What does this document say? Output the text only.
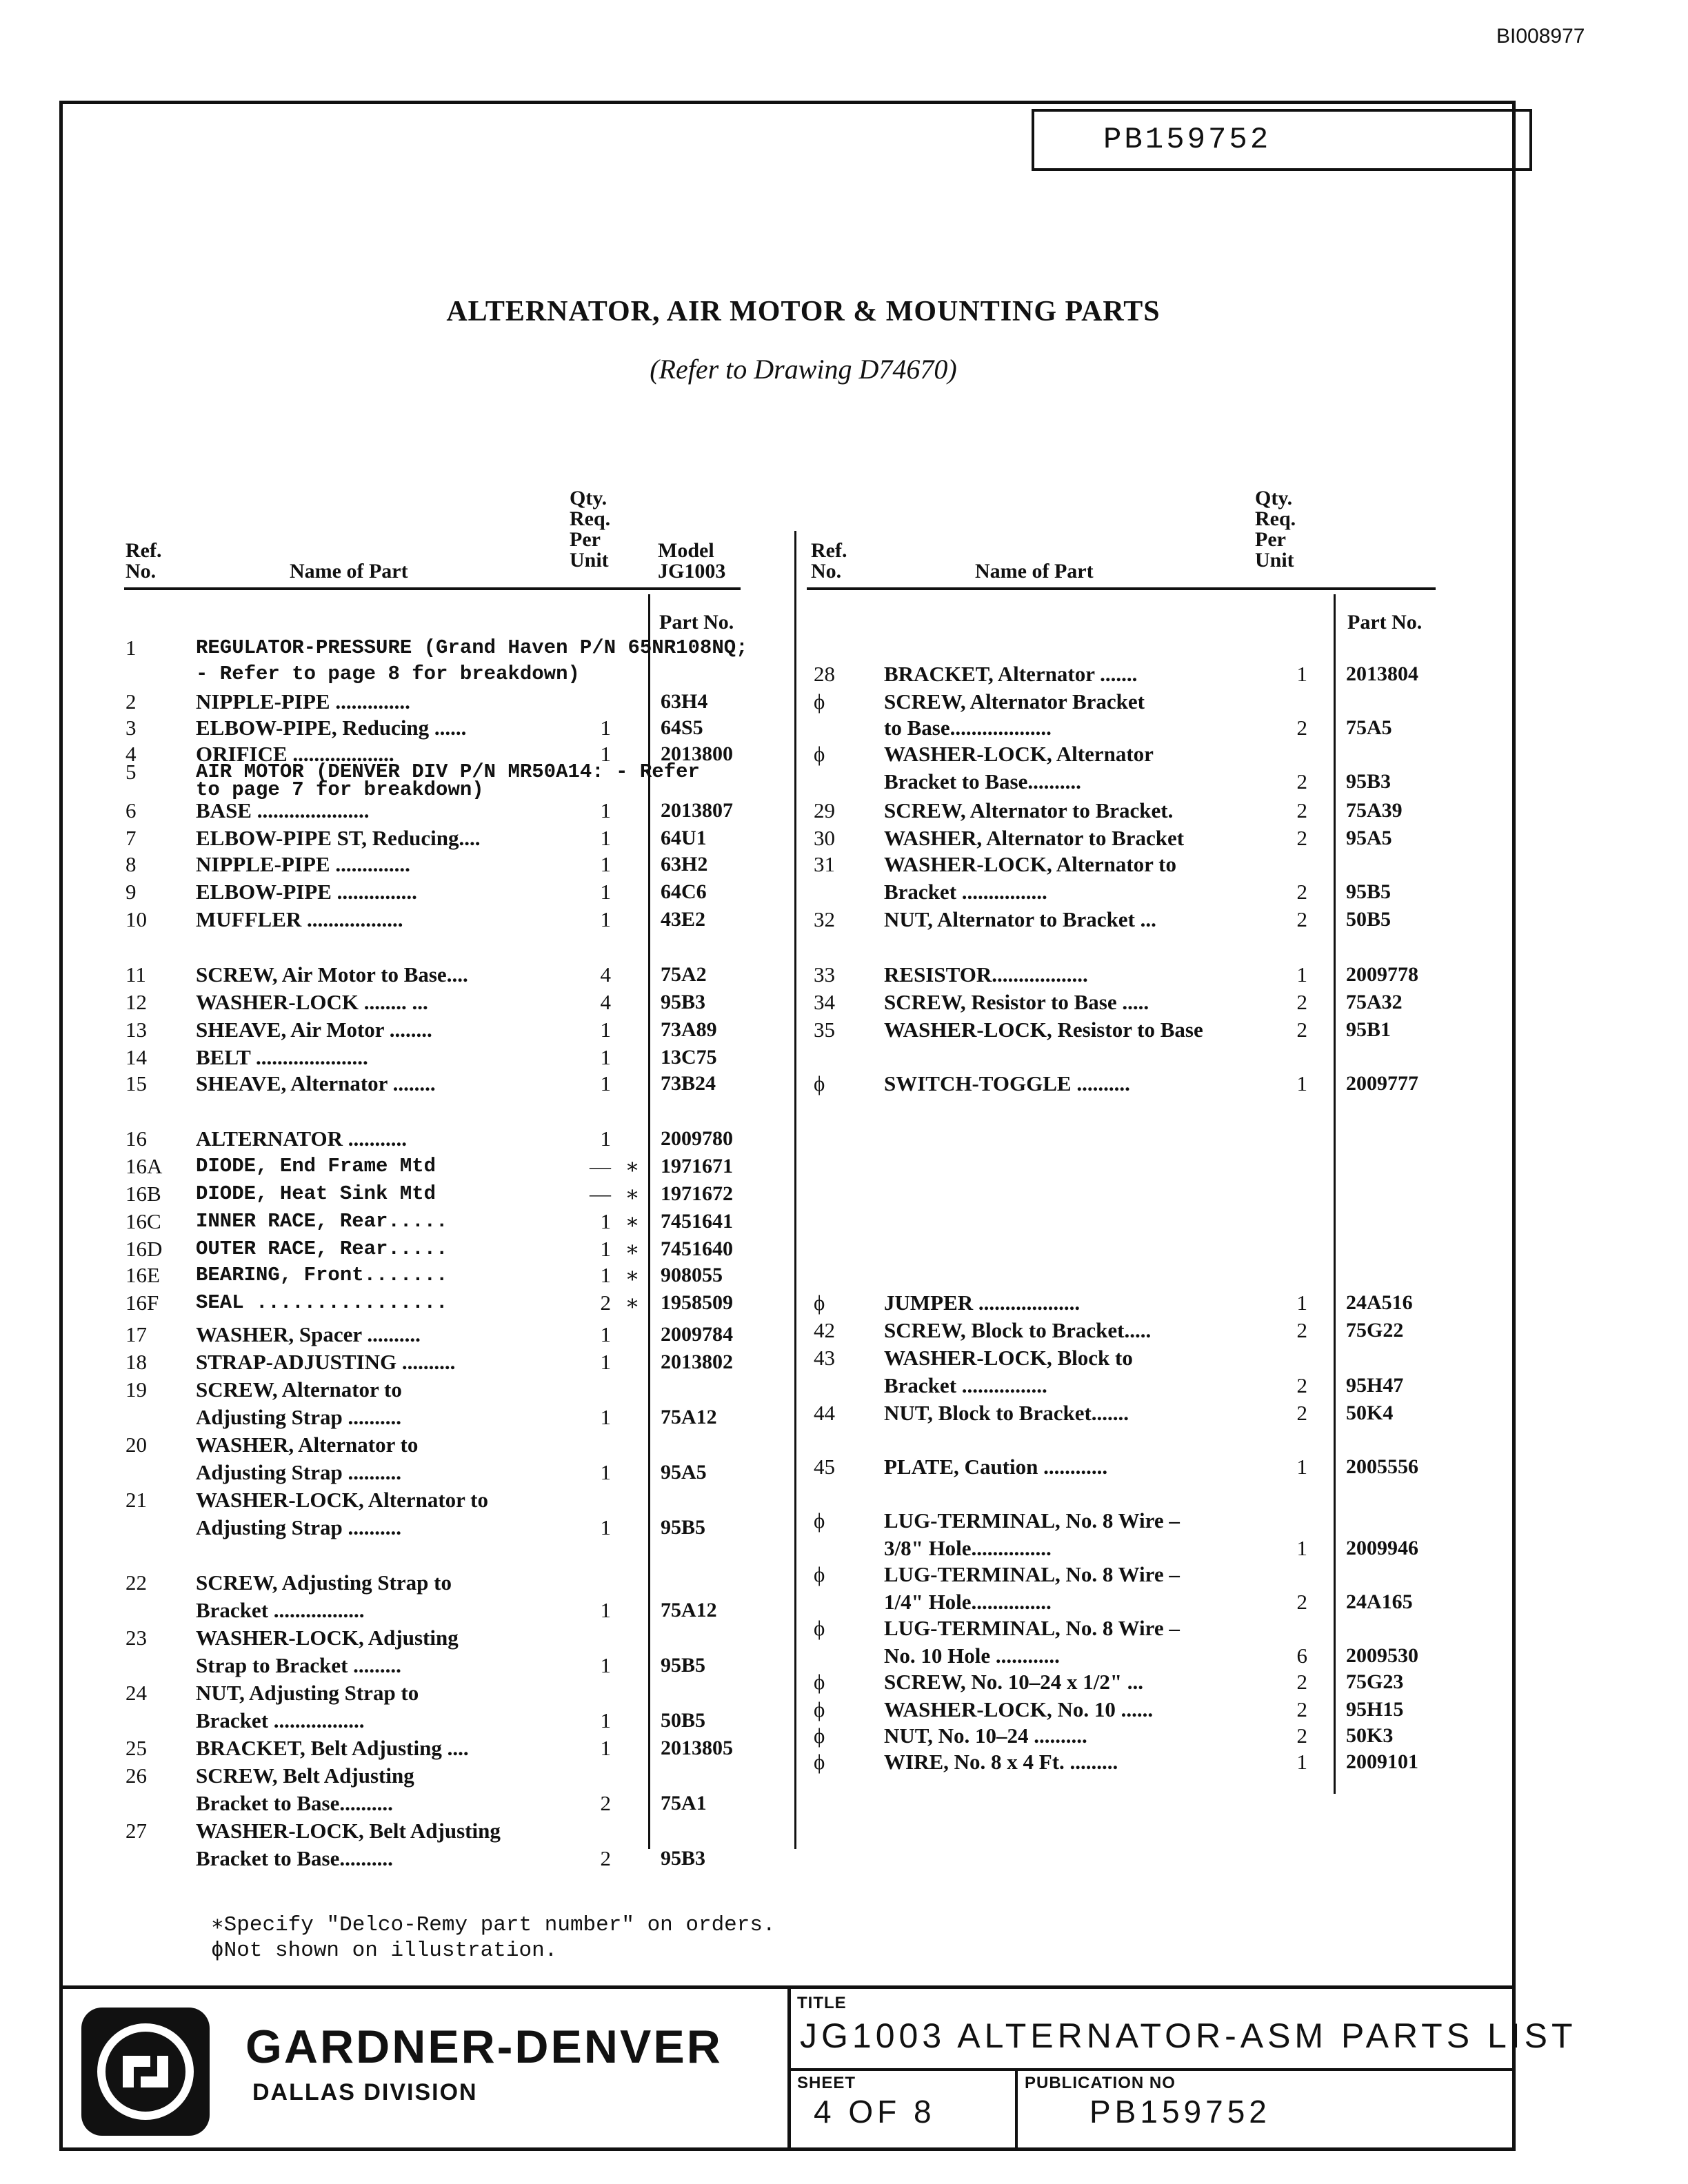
BI008977
PB159752
ALTERNATOR, AIR MOTOR & MOUNTING PARTS
(Refer to Drawing D74670)
Ref.
No.	Name of Part
Qty.
Req.
Per
Unit Model
JG1003
Part No.
Ref.
No.	Name of Part
Qty.
Req.
Per
Unit
Part No.
1	REGULATOR-PRESSURE (Grand Haven P/N 65NR108NQ;
- Refer to page 8 for breakdown)
2	NIPPLE-PIPE ..............	63H4
3	ELBOW-PIPE, Reducing ......	1 64S5
4	ORIFICE ...................	1 2013800
5	AIR MOTOR (DENVER DIV P/N MR50A14: - Refer
to page 7 for breakdown)
6	BASE .....................	1 2013807
7	ELBOW-PIPE ST, Reducing....	1 64U1
8	NIPPLE-PIPE ..............	1 63H2
9	ELBOW-PIPE ...............	1 64C6
10 MUFFLER ..................	1 43E2
11 SCREW, Air Motor to Base....	4 75A2
12 WASHER-LOCK ........ ...	4 95B3
13 SHEAVE, Air Motor ........	1 73A89
14 BELT .....................	1 13C75
15 SHEAVE, Alternator ........	1 73B24
16 ALTERNATOR ...........	1 2009780
16A DIODE, End Frame Mtd	— ∗ 1971671
16B DIODE, Heat Sink Mtd	— ∗ 1971672
16C INNER RACE, Rear.....	1 ∗ 7451641
16D OUTER RACE, Rear.....	1 ∗ 7451640
16E BEARING, Front.......	1 ∗ 908055
16F SEAL ................	2 ∗ 1958509
17 WASHER, Spacer ..........	1 2009784
18 STRAP-ADJUSTING ..........	1 2013802
19 SCREW, Alternator to
Adjusting Strap ..........	1 75A12
20 WASHER, Alternator to
Adjusting Strap ..........	1 95A5
21 WASHER-LOCK, Alternator to
Adjusting Strap ..........	1 95B5
22 SCREW, Adjusting Strap to
Bracket .................	1 75A12
23 WASHER-LOCK, Adjusting
Strap to Bracket .........	1 95B5
24 NUT, Adjusting Strap to
Bracket .................	1 50B5
25 BRACKET, Belt Adjusting ....	1 2013805
26 SCREW, Belt Adjusting
Bracket to Base..........	2 75A1
27 WASHER-LOCK, Belt Adjusting
Bracket to Base..........	2 95B3
28 BRACKET, Alternator .......	1 2013804
ϕ	SCREW, Alternator Bracket
to Base...................	2 75A5
ϕ	WASHER-LOCK, Alternator
Bracket to Base..........	2 95B3
29 SCREW, Alternator to Bracket.	2 75A39
30 WASHER, Alternator to Bracket	2 95A5
31 WASHER-LOCK, Alternator to
Bracket ................	2 95B5
32 NUT, Alternator to Bracket ...	2 50B5
33 RESISTOR..................	1 2009778
34 SCREW, Resistor to Base .....	2 75A32
35 WASHER-LOCK, Resistor to Base	2 95B1
ϕ	SWITCH-TOGGLE ..........	1 2009777
ϕ	JUMPER ...................	1 24A516
42 SCREW, Block to Bracket.....	2 75G22
43 WASHER-LOCK, Block to
Bracket ................	2 95H47
44 NUT, Block to Bracket.......	2 50K4
45 PLATE, Caution ............	1 2005556
ϕ	LUG-TERMINAL, No. 8 Wire –
3/8" Hole...............	1 2009946
ϕ	LUG-TERMINAL, No. 8 Wire –
1/4" Hole...............	2 24A165
ϕ	LUG-TERMINAL, No. 8 Wire –
No. 10 Hole ............	6 2009530
ϕ	SCREW, No. 10–24 x 1/2" ...	2 75G23
ϕ	WASHER-LOCK, No. 10 ......	2 95H15
ϕ	NUT, No. 10–24 ..........	2 50K3
ϕ	WIRE, No. 8 x 4 Ft. .........	1 2009101
∗Specify "Delco-Remy part number" on orders.
ϕNot shown on illustration.
GARDNER-DENVER
DALLAS DIVISION
TITLE
JG1003 ALTERNATOR-ASM PARTS LIST
SHEET
4 OF 8
PUBLICATION NO
PB159752
